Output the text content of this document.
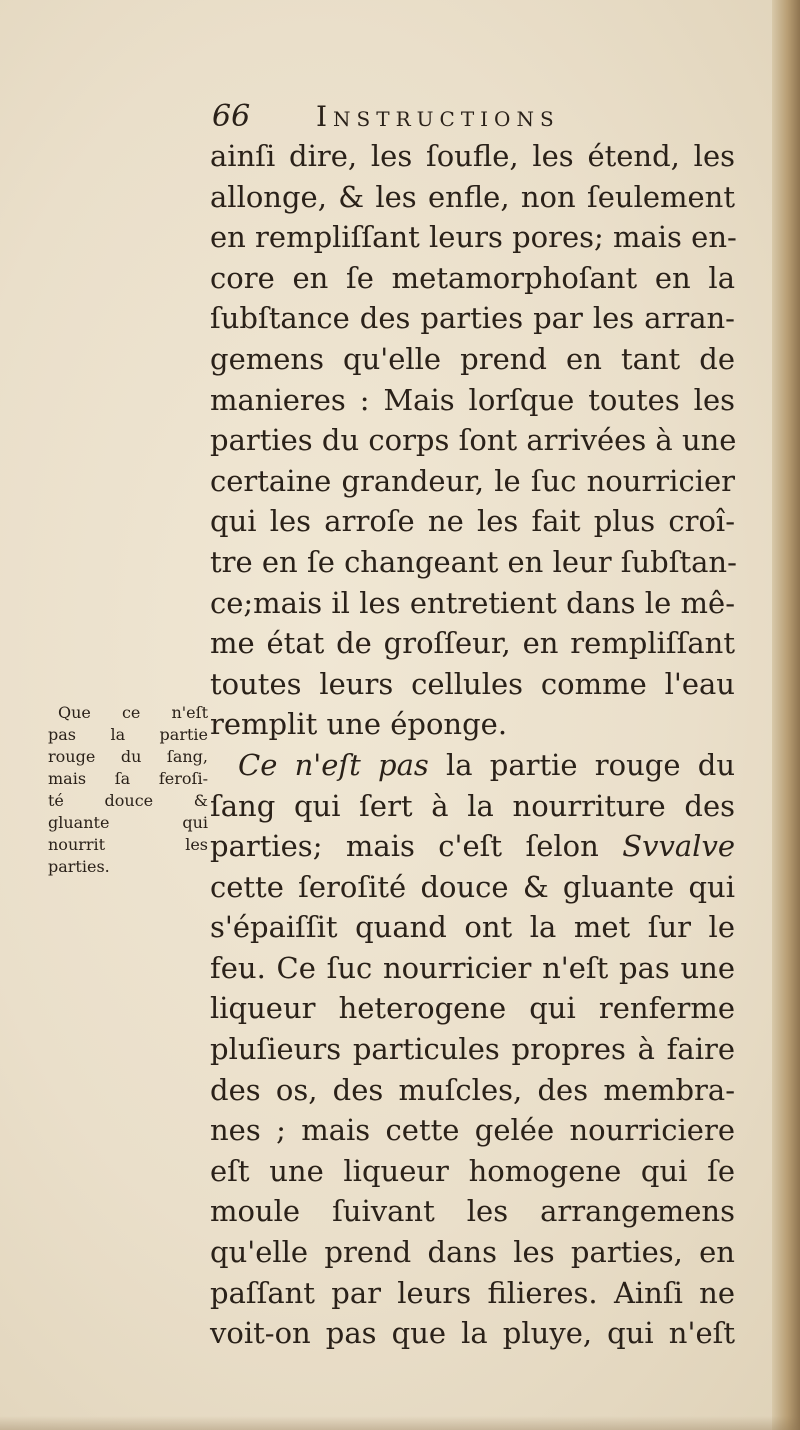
66 Instructions
ainſi dire, les ſoufle, les étend, les
allonge, & les enfle, non ſeulement
en rempliſſant leurs pores; mais en-
core en ſe metamorphoſant en la
ſubſtance des parties par les arran-
gemens qu'elle prend en tant de
manieres : Mais lorſque toutes les
parties du corps ſont arrivées à une
certaine grandeur, le ſuc nourricier
qui les arroſe ne les fait plus croî-
tre en ſe changeant en leur ſubſtan-
ce;mais il les entretient dans le mê-
me état de groſſeur, en rempliſſant
toutes leurs cellules comme l'eau
remplit une éponge.
Ce n'eſt pas la partie rouge du
ſang qui ſert à la nourriture des
parties; mais c'eſt ſelon Svvalve
cette ſeroſité douce & gluante qui
s'épaiſſit quand ont la met ſur le
feu. Ce ſuc nourricier n'eſt pas une
liqueur heterogene qui renferme
pluſieurs particules propres à faire
des os, des muſcles, des membra-
nes ; mais cette gelée nourriciere
eſt une liqueur homogene qui ſe
moule ſuivant les arrangemens
qu'elle prend dans les parties, en
paſſant par leurs filieres. Ainſi ne
voit-on pas que la pluye, qui n'eſt
Que ce n'eſt
pas la partie
rouge du ſang,
mais ſa feroſi-
té douce &
gluante qui
nourrit les
parties.
